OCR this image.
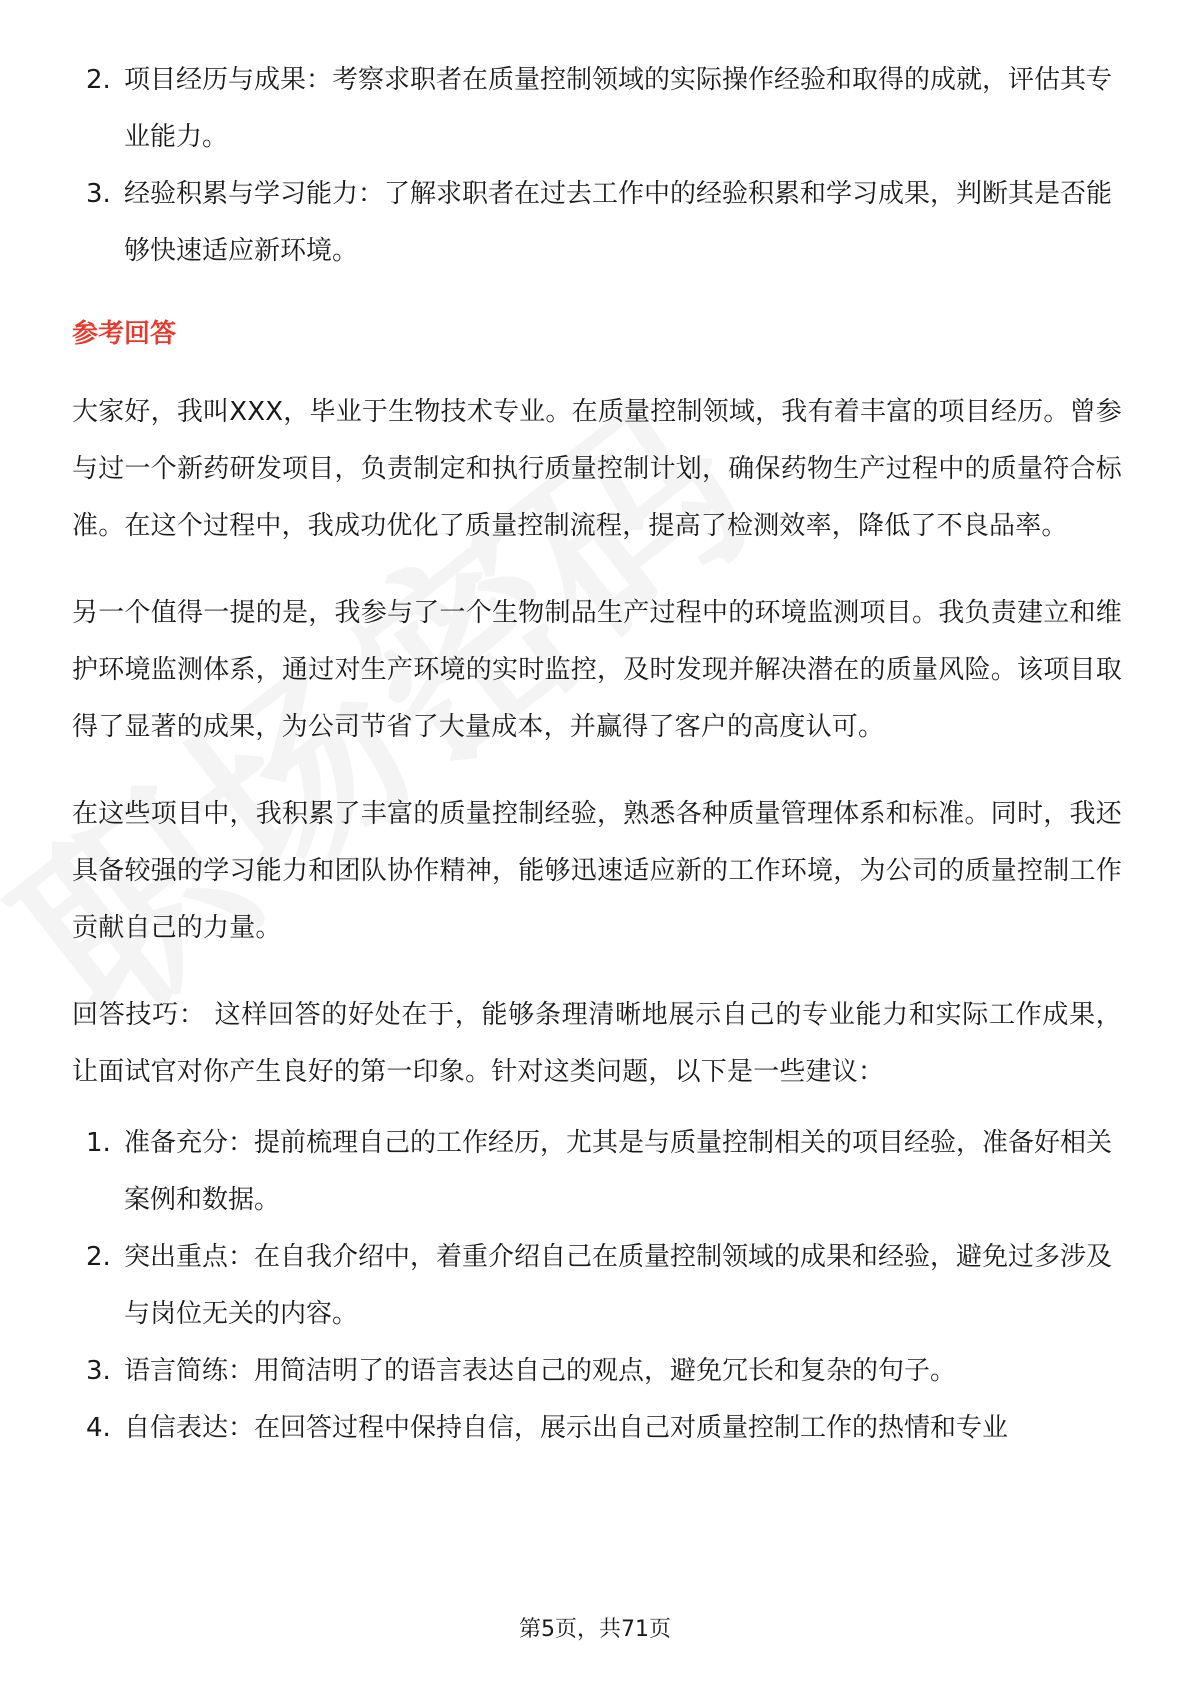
2. 项目经历与成果：考察求职者在质量控制领域的实际操作经验和取得的成就，评估其专业能力。
3. 经验积累与学习能力：了解求职者在过去工作中的经验积累和学习成果，判断其是否能够快速适应新环境。
参考回答

大家好，我叫XXX，毕业于生物技术专业。在质量控制领域，我有着丰富的项目经历。曾参与过一个新药研发项目，负责制定和执行质量控制计划，确保药物生产过程中的质量符合标准。在这个过程中，我成功优化了质量控制流程，提高了检测效率，降低了不良品率。

另一个值得一提的是，我参与了一个生物制品生产过程中的环境监测项目。我负责建立和维护环境监测体系，通过对生产环境的实时监控，及时发现并解决潜在的质量风险。该项目取得了显著的成果，为公司节省了大量成本，并赢得了客户的高度认可。

在这些项目中，我积累了丰富的质量控制经验，熟悉各种质量管理体系和标准。同时，我还具备较强的学习能力和团队协作精神，能够迅速适应新的工作环境，为公司的质量控制工作贡献自己的力量。

回答技巧： 这样回答的好处在于，能够条理清晰地展示自己的专业能力和实际工作成果，让面试官对你产生良好的第一印象。针对这类问题，以下是一些建议：

1. 准备充分：提前梳理自己的工作经历，尤其是与质量控制相关的项目经验，准备好相关案例和数据。
2. 突出重点：在自我介绍中，着重介绍自己在质量控制领域的成果和经验，避免过多涉及与岗位无关的内容。
3. 语言简练：用简洁明了的语言表达自己的观点，避免冗长和复杂的句子。
4. 自信表达：在回答过程中保持自信，展示出自己对质量控制工作的热情和专业
第5页，共71页
